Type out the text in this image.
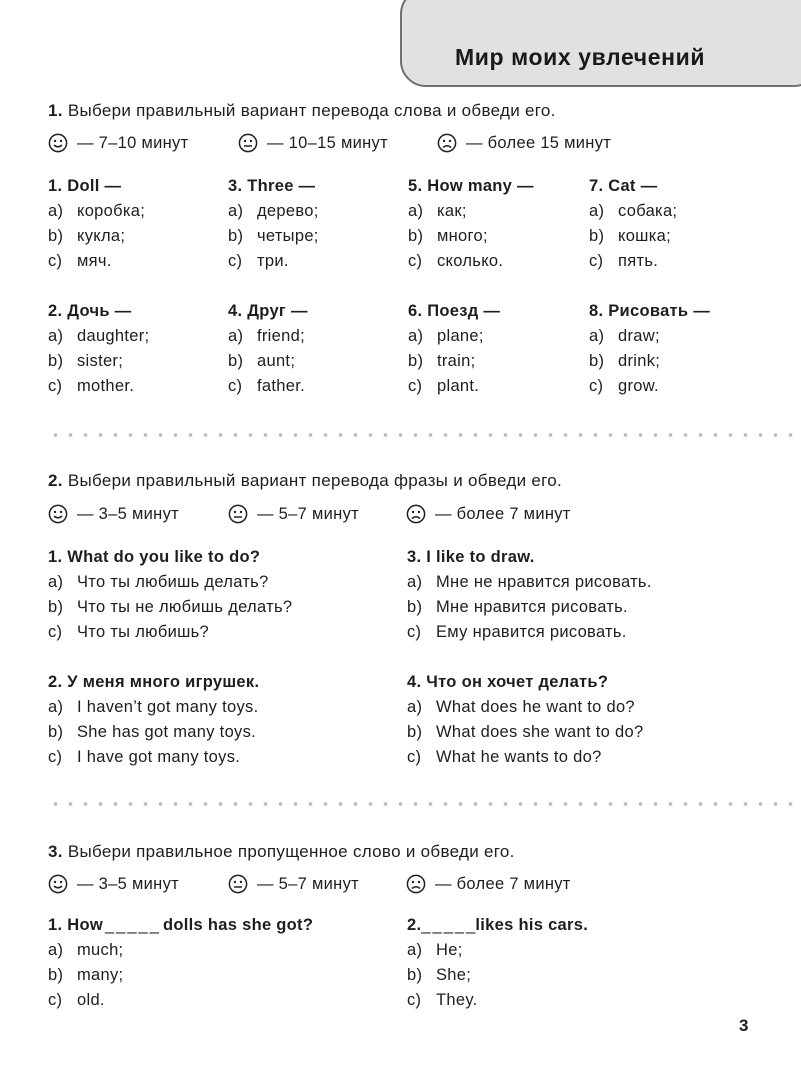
Мир моих увлечений
1. Выбери правильный вариант перевода слова и обведи его.
— 7–10 минут	— 10–15 минут	— более 15 минут
1. Doll —
a) коробка;
b) кукла;
c) мяч.
3. Three —
a) дерево;
b) четыре;
c) три.
5. How many —
a) как;
b) много;
c) сколько.
7. Cat —
a) собака;
b) кошка;
c) пять.
2. Дочь —
a) daughter;
b) sister;
c) mother.
4. Друг —
a) friend;
b) aunt;
c) father.
6. Поезд —
a) plane;
b) train;
c) plant.
8. Рисовать —
a) draw;
b) drink;
c) grow.
2. Выбери правильный вариант перевода фразы и обведи его.
— 3–5 минут	— 5–7 минут	— более 7 минут
1. What do you like to do?
a) Что ты любишь делать?
b) Что ты не любишь делать?
c) Что ты любишь?
3. I like to draw.
a) Мне не нравится рисовать.
b) Мне нравится рисовать.
c) Ему нравится рисовать.
2. У меня много игрушек.
a) I haven’t got many toys.
b) She has got many toys.
c) I have got many toys.
4. Что он хочет делать?
a) What does he want to do?
b) What does she want to do?
c) What he wants to do?
3. Выбери правильное пропущенное слово и обведи его.
— 3–5 минут	— 5–7 минут	— более 7 минут
1. How _____ dolls has she got?
a) much;
b) many;
c) old.
2._____likes his cars.
a) He;
b) She;
c) They.
3
